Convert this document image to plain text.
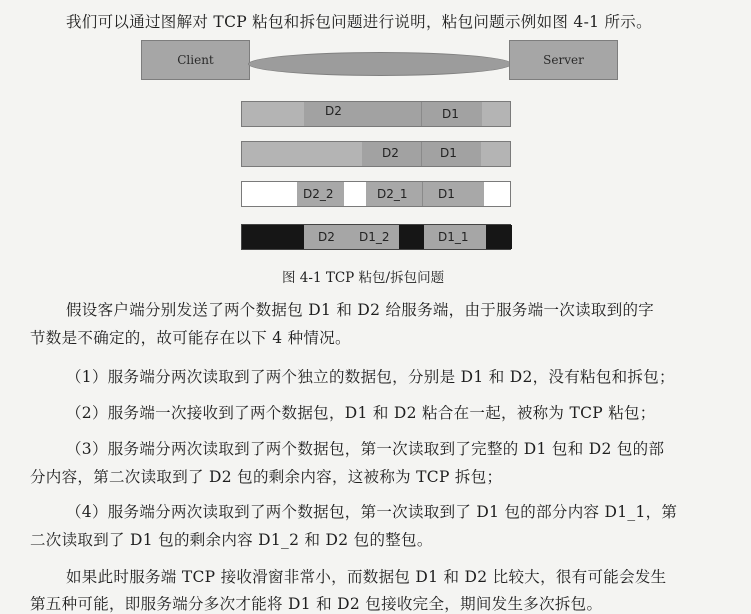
我们可以通过图解对 TCP 粘包和拆包问题进行说明，粘包问题示例如图 4-1 所示。
Client	Server
D2	D1
D2	D1
D2_2	D2_1	D1
D2 D1_2	D1_1
图 4-1 TCP 粘包/拆包问题
假设客户端分别发送了两个数据包 D1 和 D2 给服务端，由于服务端一次读取到的字
节数是不确定的，故可能存在以下 4 种情况。
（1）服务端分两次读取到了两个独立的数据包，分别是 D1 和 D2，没有粘包和拆包；
（2）服务端一次接收到了两个数据包，D1 和 D2 粘合在一起，被称为 TCP 粘包；
（3）服务端分两次读取到了两个数据包，第一次读取到了完整的 D1 包和 D2 包的部
分内容，第二次读取到了 D2 包的剩余内容，这被称为 TCP 拆包；
（4）服务端分两次读取到了两个数据包，第一次读取到了 D1 包的部分内容 D1_1，第
二次读取到了 D1 包的剩余内容 D1_2 和 D2 包的整包。
如果此时服务端 TCP 接收滑窗非常小，而数据包 D1 和 D2 比较大，很有可能会发生
第五种可能，即服务端分多次才能将 D1 和 D2 包接收完全，期间发生多次拆包。
